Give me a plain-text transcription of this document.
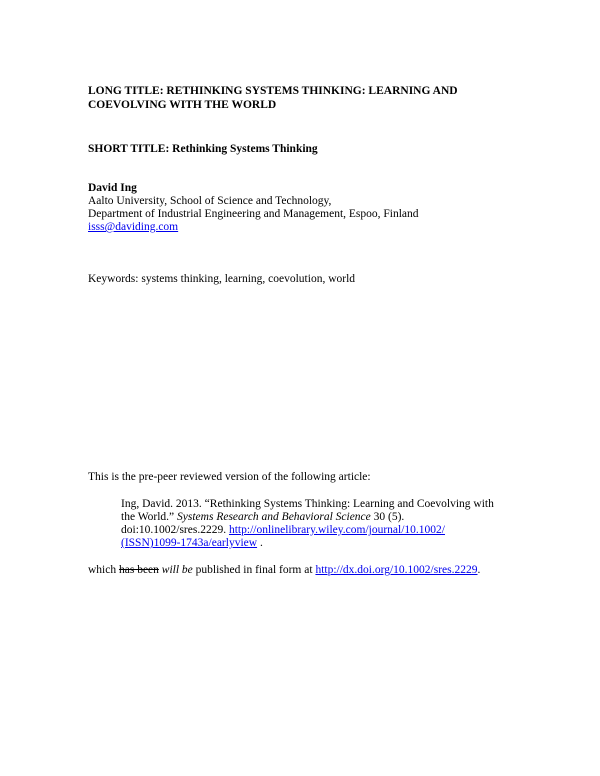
LONG TITLE: RETHINKING SYSTEMS THINKING: LEARNING AND
COEVOLVING WITH THE WORLD
SHORT TITLE: Rethinking Systems Thinking
David Ing
Aalto University, School of Science and Technology,
Department of Industrial Engineering and Management, Espoo, Finland
isss@daviding.com
Keywords: systems thinking, learning, coevolution, world
This is the pre-peer reviewed version of the following article:
Ing, David. 2013. “Rethinking Systems Thinking: Learning and Coevolving with
the World.” Systems Research and Behavioral Science 30 (5).
doi:10.1002/sres.2229. http://onlinelibrary.wiley.com/journal/10.1002/
(ISSN)1099-1743a/earlyview .
which has been will be published in final form at http://dx.doi.org/10.1002/sres.2229.
